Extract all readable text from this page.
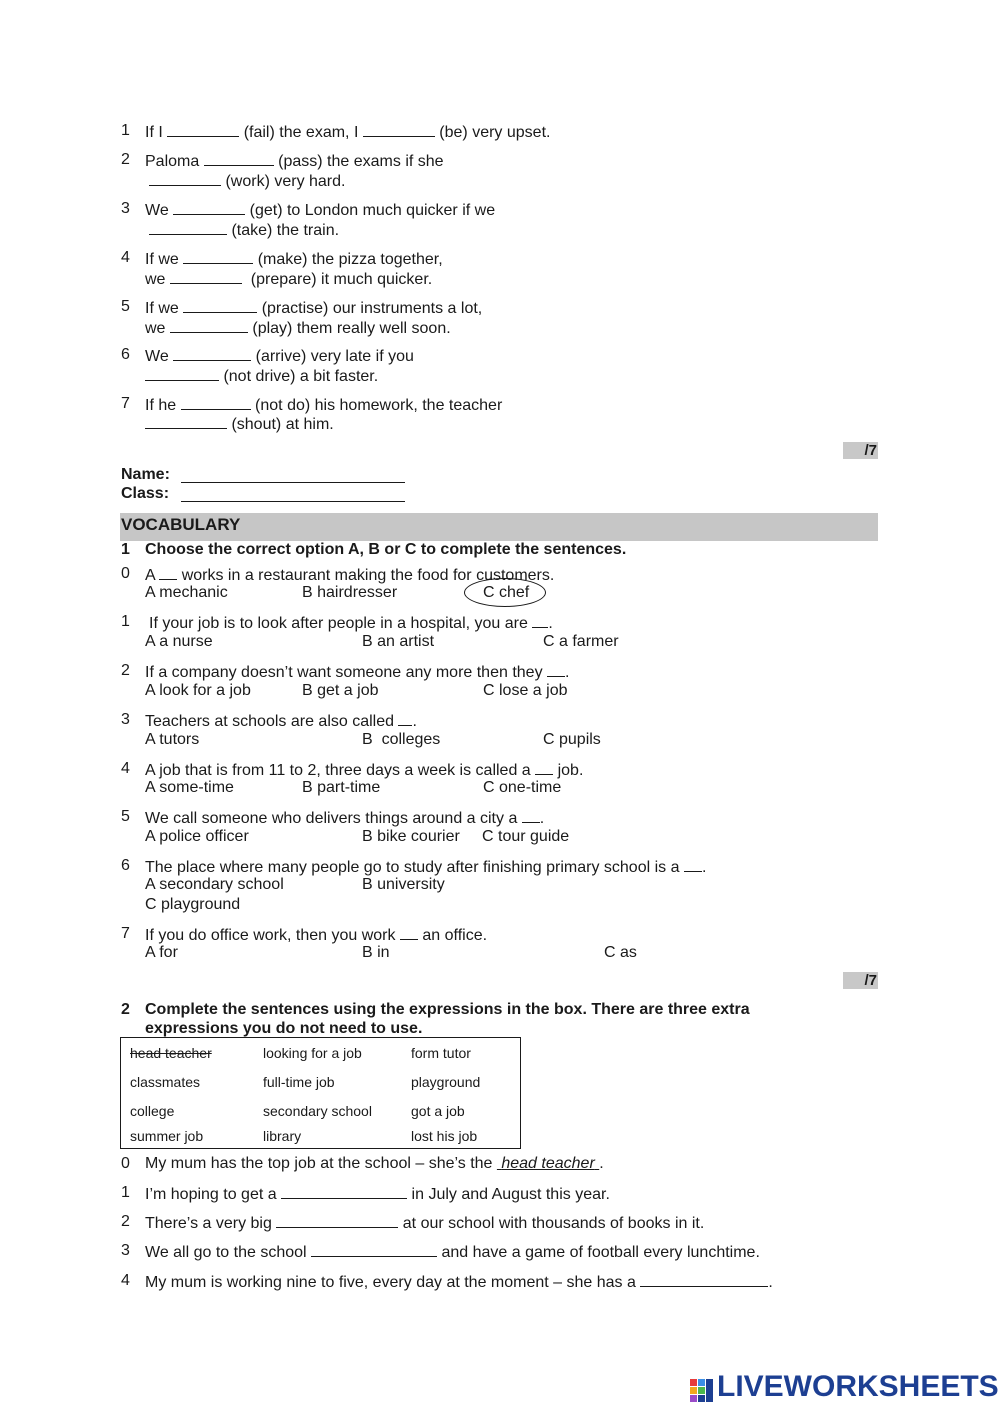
1 If I	(fail) the exam, I	(be) very upset.
2 Paloma	(pass) the exams if she
(work) very hard.
3 We	(get) to London much quicker if we
(take) the train.
4 If we	(make) the pizza together,
we	(prepare) it much quicker.
5 If we	(practise) our instruments a lot,
we	(play) them really well soon.
6 We	(arrive) very late if you
(not drive) a bit faster.
7 If he	(not do) his homework, the teacher
(shout) at him.
/7
Name:
Class:
VOCABULARY
1 Choose the correct option A, B or C to complete the sentences.
0 A works in a restaurant making the food for customers.
A mechanic	B hairdresser	C chef
1 If your job is to look after people in a hospital, you are .
A a nurse	B an artist	C a farmer
2 If a company doesn’t want someone any more then they .
A look for a job	B get a job	C lose a job
3 Teachers at schools are also called .
A tutors	B  colleges	C pupils
4 A job that is from 11 to 2, three days a week is called a job.
A some-time	B part-time	C one-time
5 We call someone who delivers things around a city a .
A police officer	B bike courier C tour guide
6 The place where many people go to study after finishing primary school is a .
A secondary school	B university
C playground
7 If you do office work, then you work an office.
A for	B in	C as
/7
2 Complete the sentences using the expressions in the box. There are three extra
expressions you do not need to use.
head teacher	looking for a job	form tutor
classmates	full-time job	playground
college	secondary school	got a job
summer job	library	lost his job
0 My mum has the top job at the school – she’s the head teacher .
1 I’m hoping to get a	in July and August this year.
2 There’s a very big	at our school with thousands of books in it.
3 We all go to the school	and have a game of football every lunchtime.
4 My mum is working nine to five, every day at the moment – she has a	.
LIVEWORKSHEETS
